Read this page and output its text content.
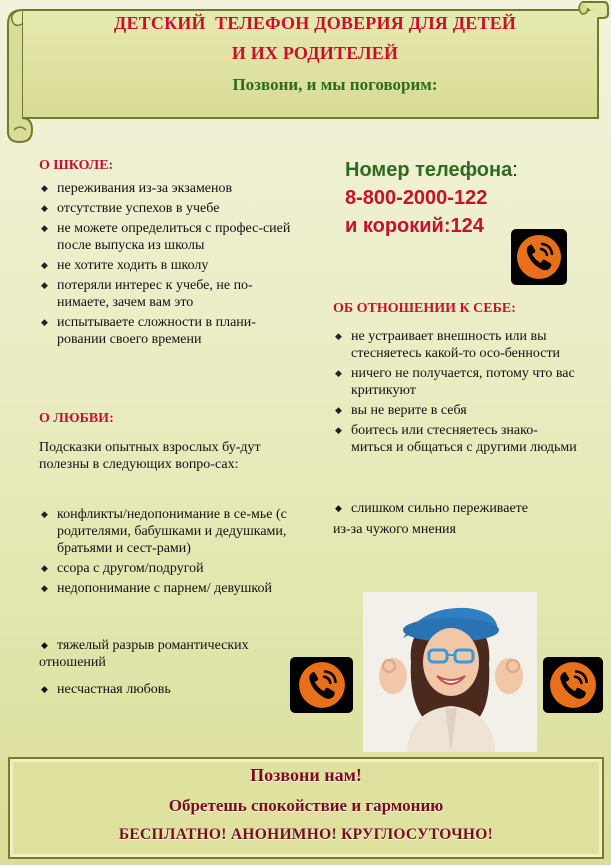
ДЕТСКИЙ  ТЕЛЕФОН ДОВЕРИЯ ДЛЯ ДЕТЕЙ
И ИХ РОДИТЕЛЕЙ
Позвони, и мы поговорим:
О ШКОЛЕ:
◆ переживания из-за экзаменов
◆ отсутствие успехов в учебе
◆ не можете определиться с профес-сией после выпуска из школы
◆ не хотите ходить в школу
◆ потеряли интерес к учебе, не по-нимаете, зачем вам это
◆ испытываете сложности в плани-ровании своего времени
О ЛЮБВИ:
Подсказки опытных взрослых бу-дут полезны в следующих вопро-сах:
◆ конфликты/недопонимание в се-мье (с родителями, бабушками и дедушками, братьями и сест-рами)
◆ ссора с другом/подругой
◆ недопонимание с парнем/ девушкой
◆ тяжелый разрыв романтических
отношений
◆ несчастная любовь
Номер телефона:
8-800-2000-122
и корокий:124
ОБ ОТНОШЕНИИ К СЕБЕ:
◆ не устраивает внешность или вы стесняетесь какой-то осо-бенности
◆ ничего не получается, потому что вас критикуют
◆ вы не верите в себя
◆ боитесь или стесняетесь знако-миться и общаться с другими людьми
◆ слишком сильно переживаете
из-за чужого мнения
Позвони нам!
Обретешь спокойствие и гармонию
БЕСПЛАТНО! АНОНИМНО! КРУГЛОСУТОЧНО!
